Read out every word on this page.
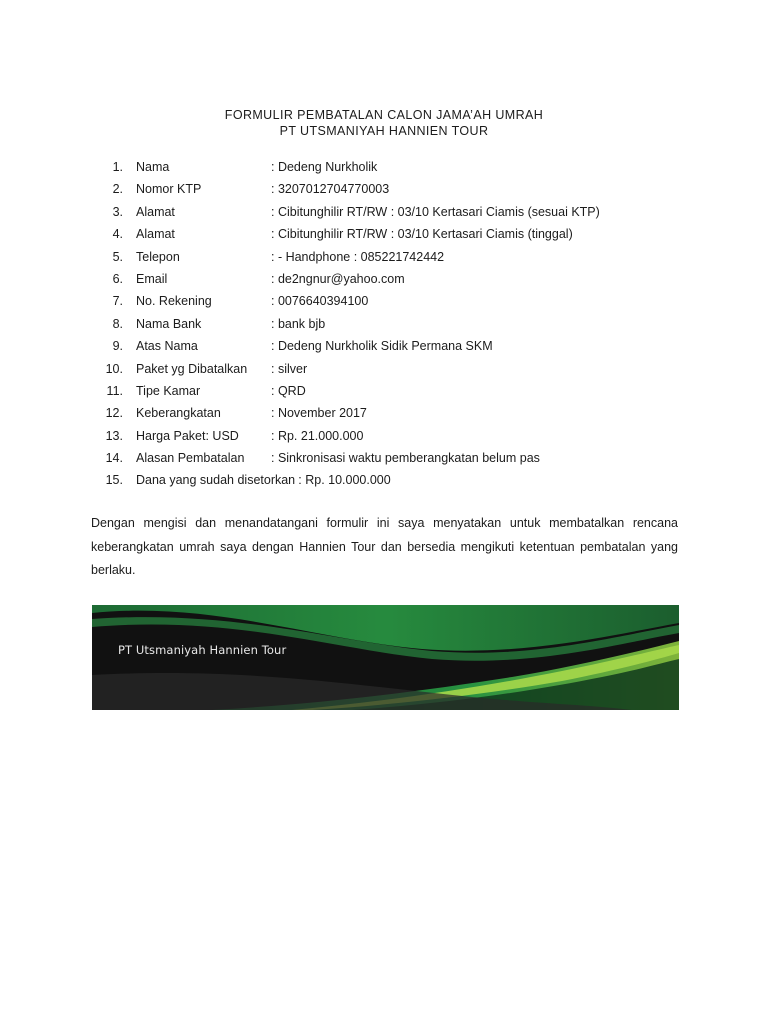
FORMULIR PEMBATALAN CALON JAMA’AH UMRAH
PT UTSMANIYAH HANNIEN TOUR
1. Nama	: Dedeng Nurkholik
2. Nomor KTP	: 3207012704770003
3. Alamat	: Cibitunghilir RT/RW : 03/10 Kertasari Ciamis (sesuai KTP)
4. Alamat	: Cibitunghilir RT/RW : 03/10 Kertasari Ciamis (tinggal)
5. Telepon	: - Handphone : 085221742442
6. Email	: de2ngnur@yahoo.com
7. No. Rekening	: 0076640394100
8. Nama Bank	: bank bjb
9. Atas Nama	: Dedeng Nurkholik Sidik Permana SKM
10. Paket yg Dibatalkan : silver
11. Tipe Kamar	: QRD
12. Keberangkatan	: November 2017
13. Harga Paket: USD	: Rp. 21.000.000
14. Alasan Pembatalan : Sinkronisasi waktu pemberangkatan belum pas
15. Dana yang sudah disetorkan : Rp. 10.000.000

Dengan mengisi dan menandatangani formulir ini saya menyatakan untuk membatalkan rencana keberangkatan umrah saya dengan Hannien Tour dan bersedia mengikuti ketentuan pembatalan yang berlaku.

PT Utsmaniyah Hannien Tour
